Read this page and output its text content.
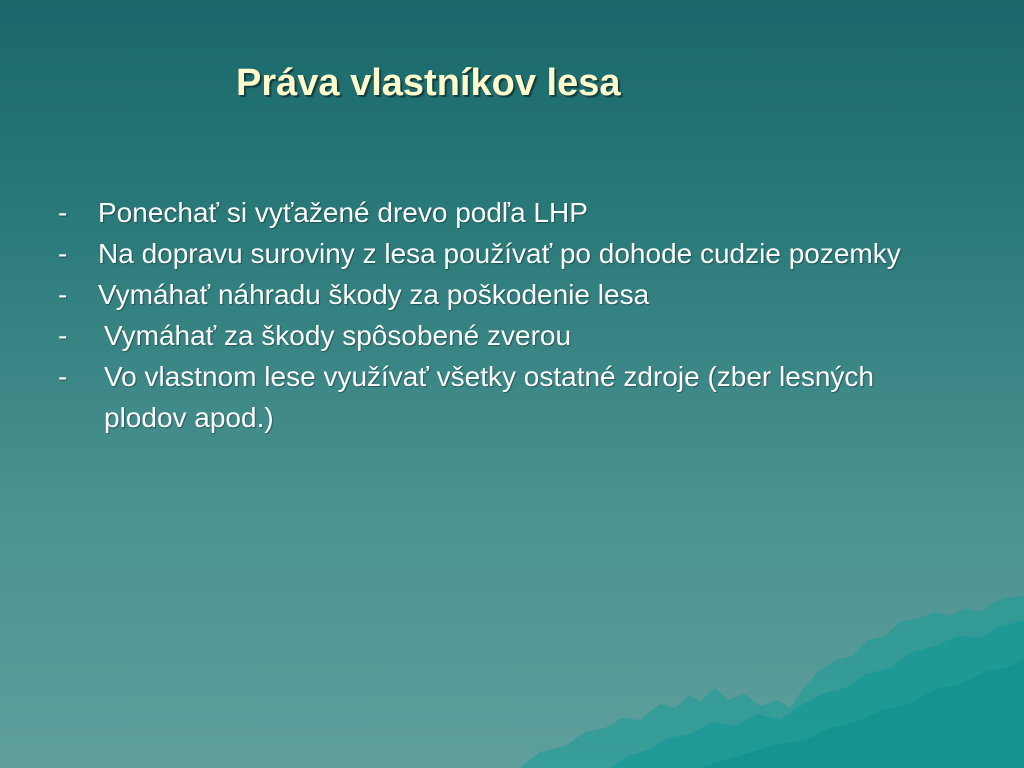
Práva vlastníkov lesa
- Ponechať si vyťažené drevo podľa LHP
- Na dopravu suroviny z lesa používať po dohode cudzie pozemky
- Vymáhať náhradu škody za poškodenie lesa
- Vymáhať za škody spôsobené zverou
- Vo vlastnom lese využívať všetky ostatné zdroje (zber lesných plodov apod.)
